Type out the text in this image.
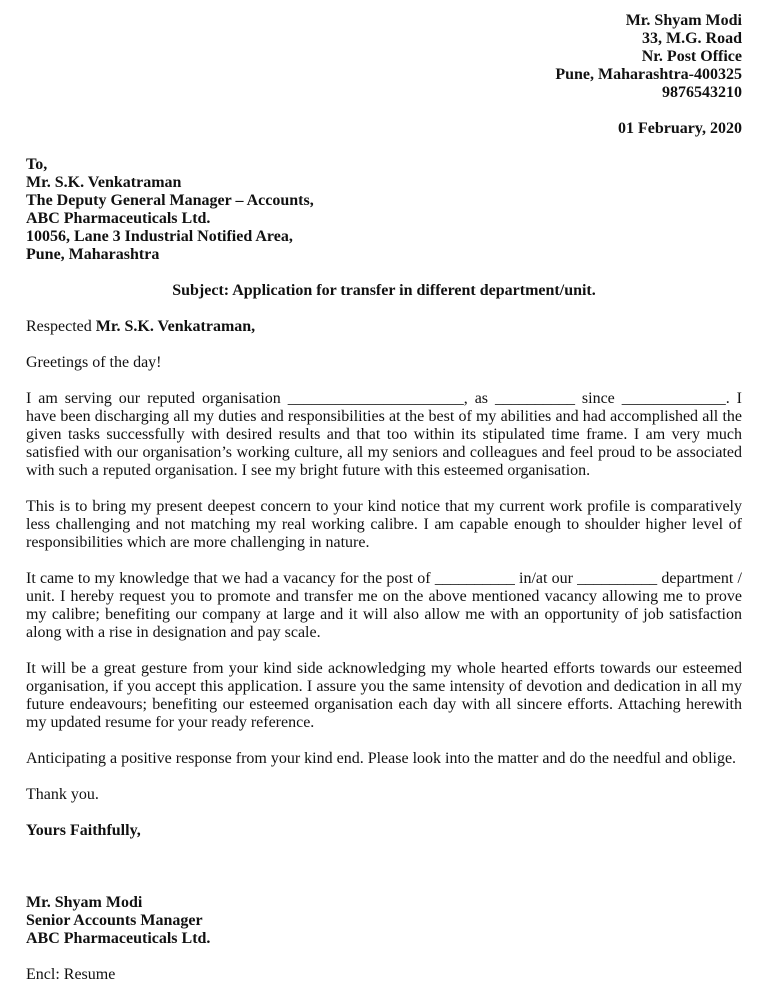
Mr. Shyam Modi
33, M.G. Road
Nr. Post Office
Pune, Maharashtra-400325
9876543210
01 February, 2020
To,
Mr. S.K. Venkatraman
The Deputy General Manager – Accounts,
ABC Pharmaceuticals Ltd.
10056, Lane 3 Industrial Notified Area,
Pune, Maharashtra
Subject: Application for transfer in different department/unit.
Respected Mr. S.K. Venkatraman,
Greetings of the day!

I am serving our reputed organisation ______________________, as __________ since _____________. I have been discharging all my duties and responsibilities at the best of my abilities and had accomplished all the given tasks successfully with desired results and that too within its stipulated time frame. I am very much satisfied with our organisation’s working culture, all my seniors and colleagues and feel proud to be associated with such a reputed organisation. I see my bright future with this esteemed organisation.

This is to bring my present deepest concern to your kind notice that my current work profile is comparatively less challenging and not matching my real working calibre. I am capable enough to shoulder higher level of responsibilities which are more challenging in nature.

It came to my knowledge that we had a vacancy for the post of __________ in/at our __________ department / unit. I hereby request you to promote and transfer me on the above mentioned vacancy allowing me to prove my calibre; benefiting our company at large and it will also allow me with an opportunity of job satisfaction along with a rise in designation and pay scale.

It will be a great gesture from your kind side acknowledging my whole hearted efforts towards our esteemed organisation, if you accept this application. I assure you the same intensity of devotion and dedication in all my future endeavours; benefiting our esteemed organisation each day with all sincere efforts. Attaching herewith my updated resume for your ready reference.

Anticipating a positive response from your kind end. Please look into the matter and do the needful and oblige.

Thank you.
Yours Faithfully,
Mr. Shyam Modi
Senior Accounts Manager
ABC Pharmaceuticals Ltd.
Encl: Resume
